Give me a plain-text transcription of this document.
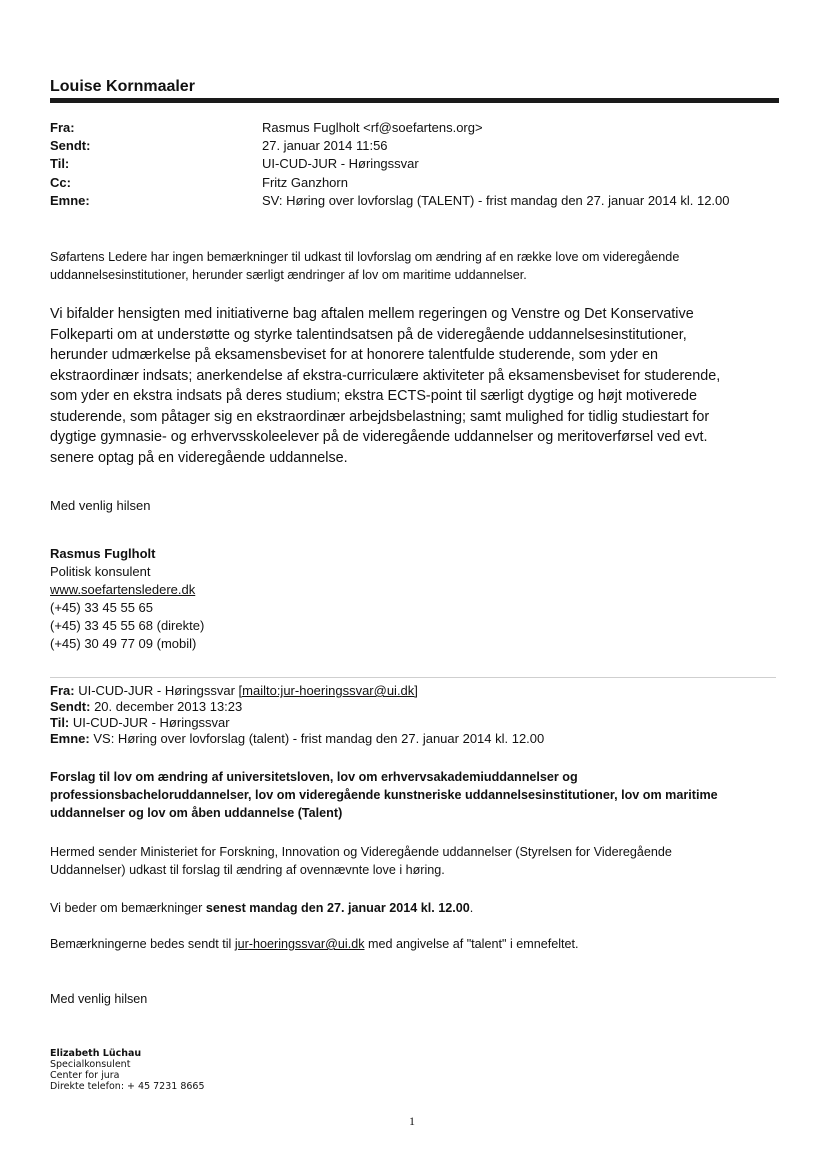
Louise Kornmaaler
Fra:	Rasmus Fuglholt <rf@soefartens.org>
Sendt:	27. januar 2014 11:56
Til:	UI-CUD-JUR - Høringssvar
Cc:	Fritz Ganzhorn
Emne:	SV: Høring over lovforslag (TALENT) - frist mandag den 27. januar 2014 kl. 12.00
Søfartens Ledere har ingen bemærkninger til udkast til lovforslag om ændring af en række love om videregående
uddannelsesinstitutioner, herunder særligt ændringer af lov om maritime uddannelser.
Vi bifalder hensigten med initiativerne bag aftalen mellem regeringen og Venstre og Det Konservative
Folkeparti om at understøtte og styrke talentindsatsen på de videregående uddannelsesinstitutioner,
herunder udmærkelse på eksamensbeviset for at honorere talentfulde studerende, som yder en
ekstraordinær indsats; anerkendelse af ekstra-curriculære aktiviteter på eksamensbeviset for studerende,
som yder en ekstra indsats på deres studium; ekstra ECTS-point til særligt dygtige og højt motiverede
studerende, som påtager sig en ekstraordinær arbejdsbelastning; samt mulighed for tidlig studiestart for
dygtige gymnasie- og erhvervsskoleelever på de videregående uddannelser og meritoverførsel ved evt.
senere optag på en videregående uddannelse.
Med venlig hilsen
Rasmus Fuglholt
Politisk konsulent
www.soefartensledere.dk
(+45) 33 45 55 65
(+45) 33 45 55 68 (direkte)
(+45) 30 49 77 09 (mobil)
Fra: UI-CUD-JUR - Høringssvar [mailto:jur-hoeringssvar@ui.dk]
Sendt: 20. december 2013 13:23
Til: UI-CUD-JUR - Høringssvar
Emne: VS: Høring over lovforslag (talent) - frist mandag den 27. januar 2014 kl. 12.00
Forslag til lov om ændring af universitetsloven, lov om erhvervsakademiuddannelser og
professionsbacheloruddannelser, lov om videregående kunstneriske uddannelsesinstitutioner, lov om maritime
uddannelser og lov om åben uddannelse (Talent)
Hermed sender Ministeriet for Forskning, Innovation og Videregående uddannelser (Styrelsen for Videregående
Uddannelser) udkast til forslag til ændring af ovennævnte love i høring.
Vi beder om bemærkninger senest mandag den 27. januar 2014 kl. 12.00.
Bemærkningerne bedes sendt til jur-hoeringssvar@ui.dk med angivelse af "talent" i emnefeltet.
Med venlig hilsen
Elizabeth Lüchau
Specialkonsulent
Center for jura
Direkte telefon: + 45 7231 8665
1
